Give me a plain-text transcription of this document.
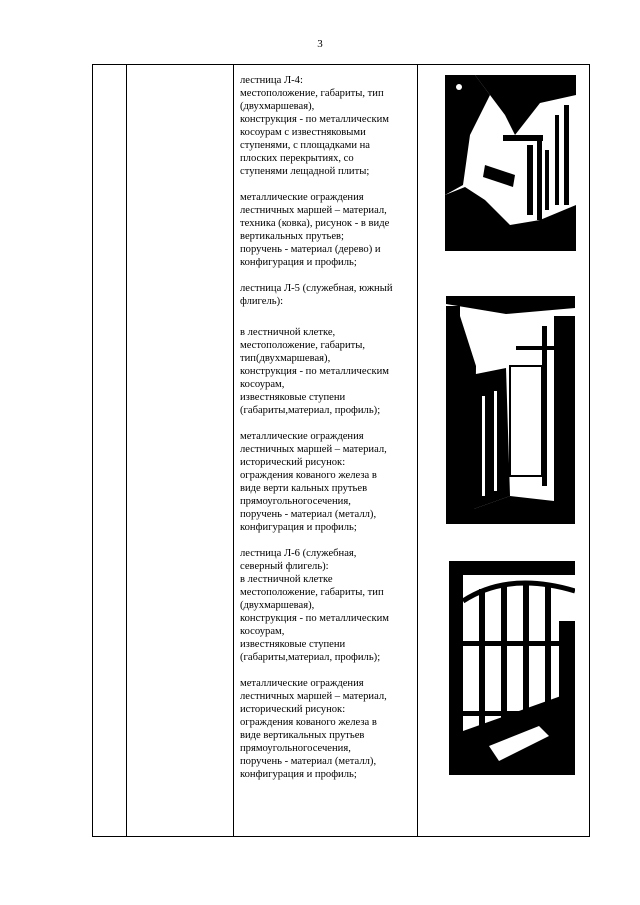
3
лестница Л-4:
местоположение, габариты, тип
(двухмаршевая),
конструкция - по металлическим
косоурам с известняковыми
ступенями, с площадками на
плоских перекрытиях, со
ступенями лещадной плиты;
металлические ограждения
лестничных маршей – материал,
техника (ковка), рисунок - в виде
вертикальных прутьев;
поручень - материал (дерево) и
конфигурация и профиль;
лестница Л-5 (служебная, южный
флигель):
в лестничной клетке,
местоположение, габариты,
тип(двухмаршевая),
конструкция - по металлическим
косоурам,
известняковые ступени
(габариты,материал, профиль);
металлические ограждения
лестничных маршей – материал,
исторический рисунок:
ограждения кованого железа в
виде верти кальных прутьев
прямоугольногосечения,
поручень - материал (металл),
конфигурация и профиль;
лестница Л-6 (служебная,
северный флигель):
в лестничной клетке
местоположение, габариты, тип
(двухмаршевая),
конструкция - по металлическим
косоурам,
известняковые ступени
(габариты,материал, профиль);
металлические ограждения
лестничных маршей – материал,
исторический рисунок:
ограждения кованого железа в
виде вертикальных прутьев
прямоугольногосечения,
поручень - материал (металл),
конфигурация и профиль;
